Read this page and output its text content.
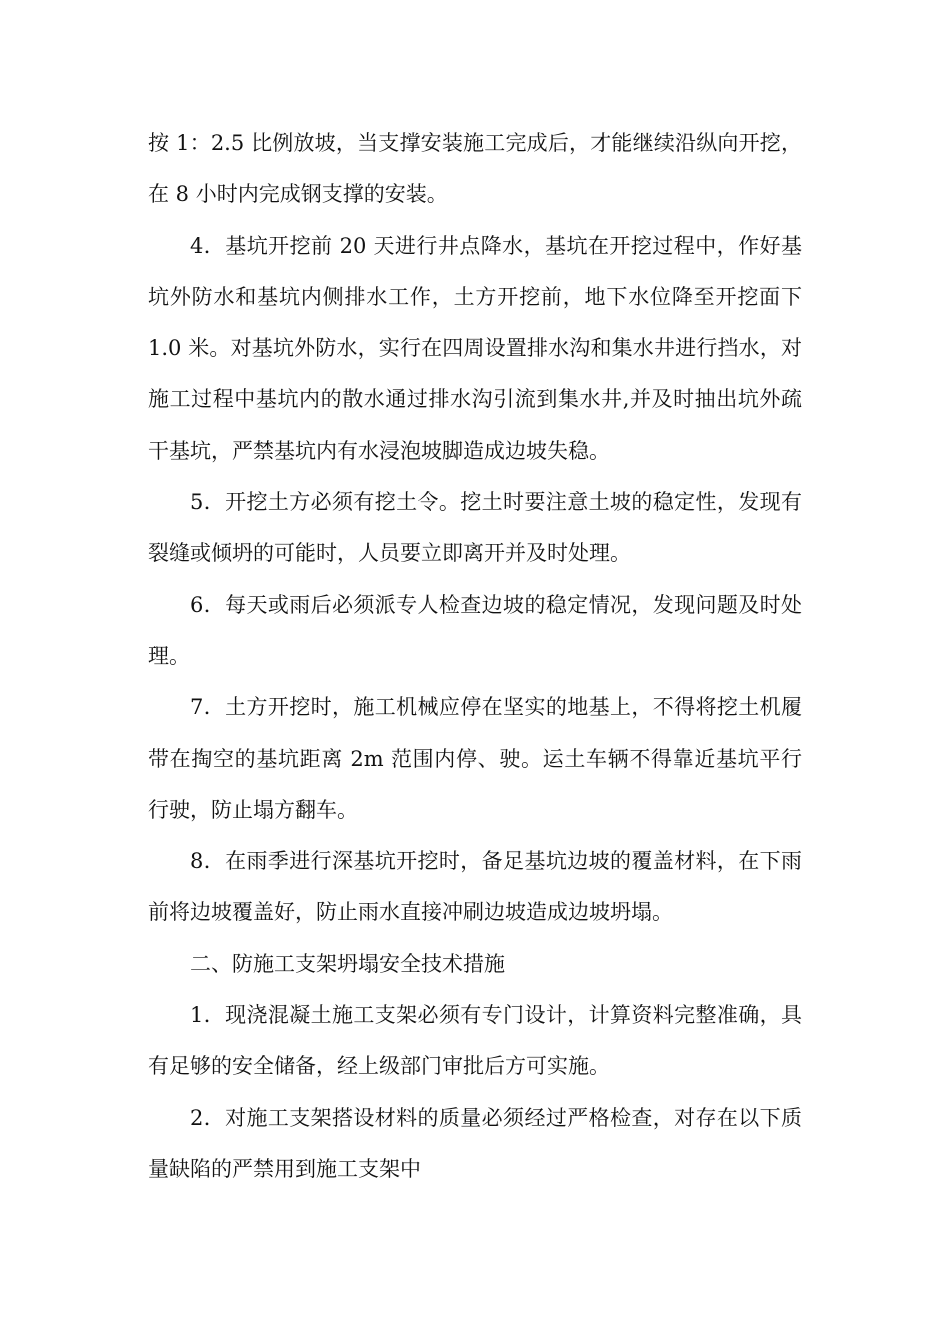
按 1：2.5 比例放坡，当支撑安装施工完成后，才能继续沿纵向开挖，在 8 小时内完成钢支撑的安装。

4．基坑开挖前 20 天进行井点降水，基坑在开挖过程中，作好基坑外防水和基坑内侧排水工作，土方开挖前，地下水位降至开挖面下 1.0 米。对基坑外防水，实行在四周设置排水沟和集水井进行挡水，对施工过程中基坑内的散水通过排水沟引流到集水井,并及时抽出坑外疏干基坑，严禁基坑内有水浸泡坡脚造成边坡失稳。

5．开挖土方必须有挖土令。挖土时要注意土坡的稳定性，发现有裂缝或倾坍的可能时，人员要立即离开并及时处理。

6．每天或雨后必须派专人检查边坡的稳定情况，发现问题及时处理。

7．土方开挖时，施工机械应停在坚实的地基上，不得将挖土机履带在掏空的基坑距离 2m 范围内停、驶。运土车辆不得靠近基坑平行行驶，防止塌方翻车。

8．在雨季进行深基坑开挖时，备足基坑边坡的覆盖材料，在下雨前将边坡覆盖好，防止雨水直接冲刷边坡造成边坡坍塌。

二、防施工支架坍塌安全技术措施

1．现浇混凝土施工支架必须有专门设计，计算资料完整准确，具有足够的安全储备，经上级部门审批后方可实施。

2．对施工支架搭设材料的质量必须经过严格检查，对存在以下质量缺陷的严禁用到施工支架中
